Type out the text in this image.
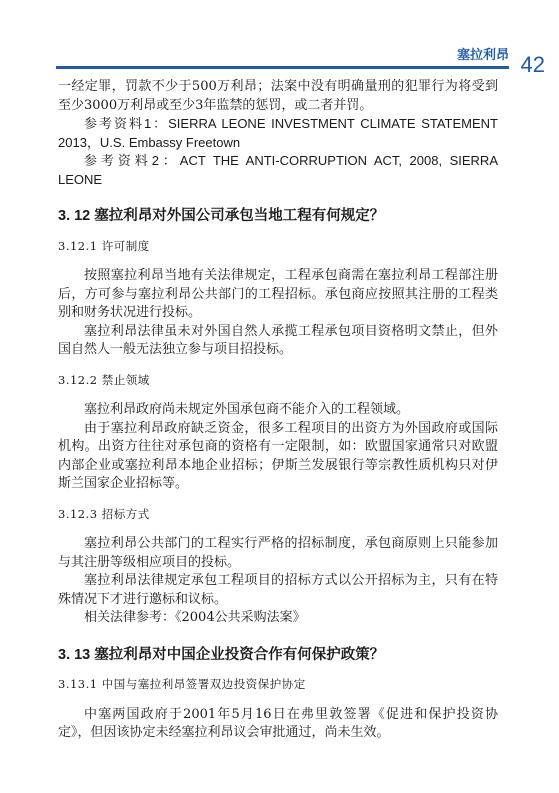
塞拉利昂 42

一经定罪，罚款不少于500万利昂；法案中没有明确量刑的犯罪行为将受到至少3000万利昂或至少3年监禁的惩罚，或二者并罚。

参考资料1：SIERRA LEONE INVESTMENT CLIMATE STATEMENT 2013，U.S. Embassy Freetown

参考资料2：ACT THE ANTI-CORRUPTION ACT, 2008, SIERRA LEONE

3. 12 塞拉利昂对外国公司承包当地工程有何规定？
3.12.1 许可制度

按照塞拉利昂当地有关法律规定，工程承包商需在塞拉利昂工程部注册后，方可参与塞拉利昂公共部门的工程招标。承包商应按照其注册的工程类别和财务状况进行投标。

塞拉利昂法律虽未对外国自然人承揽工程承包项目资格明文禁止，但外国自然人一般无法独立参与项目招投标。

3.12.2 禁止领域

塞拉利昂政府尚未规定外国承包商不能介入的工程领域。

由于塞拉利昂政府缺乏资金，很多工程项目的出资方为外国政府或国际机构。出资方往往对承包商的资格有一定限制，如：欧盟国家通常只对欧盟内部企业或塞拉利昂本地企业招标；伊斯兰发展银行等宗教性质机构只对伊斯兰国家企业招标等。

3.12.3 招标方式

塞拉利昂公共部门的工程实行严格的招标制度，承包商原则上只能参加与其注册等级相应项目的投标。

塞拉利昂法律规定承包工程项目的招标方式以公开招标为主，只有在特殊情况下才进行邀标和议标。

相关法律参考：《2004公共采购法案》

3. 13 塞拉利昂对中国企业投资合作有何保护政策？
3.13.1 中国与塞拉利昂签署双边投资保护协定

中塞两国政府于2001年5月16日在弗里敦签署《促进和保护投资协定》，但因该协定未经塞拉利昂议会审批通过，尚未生效。
